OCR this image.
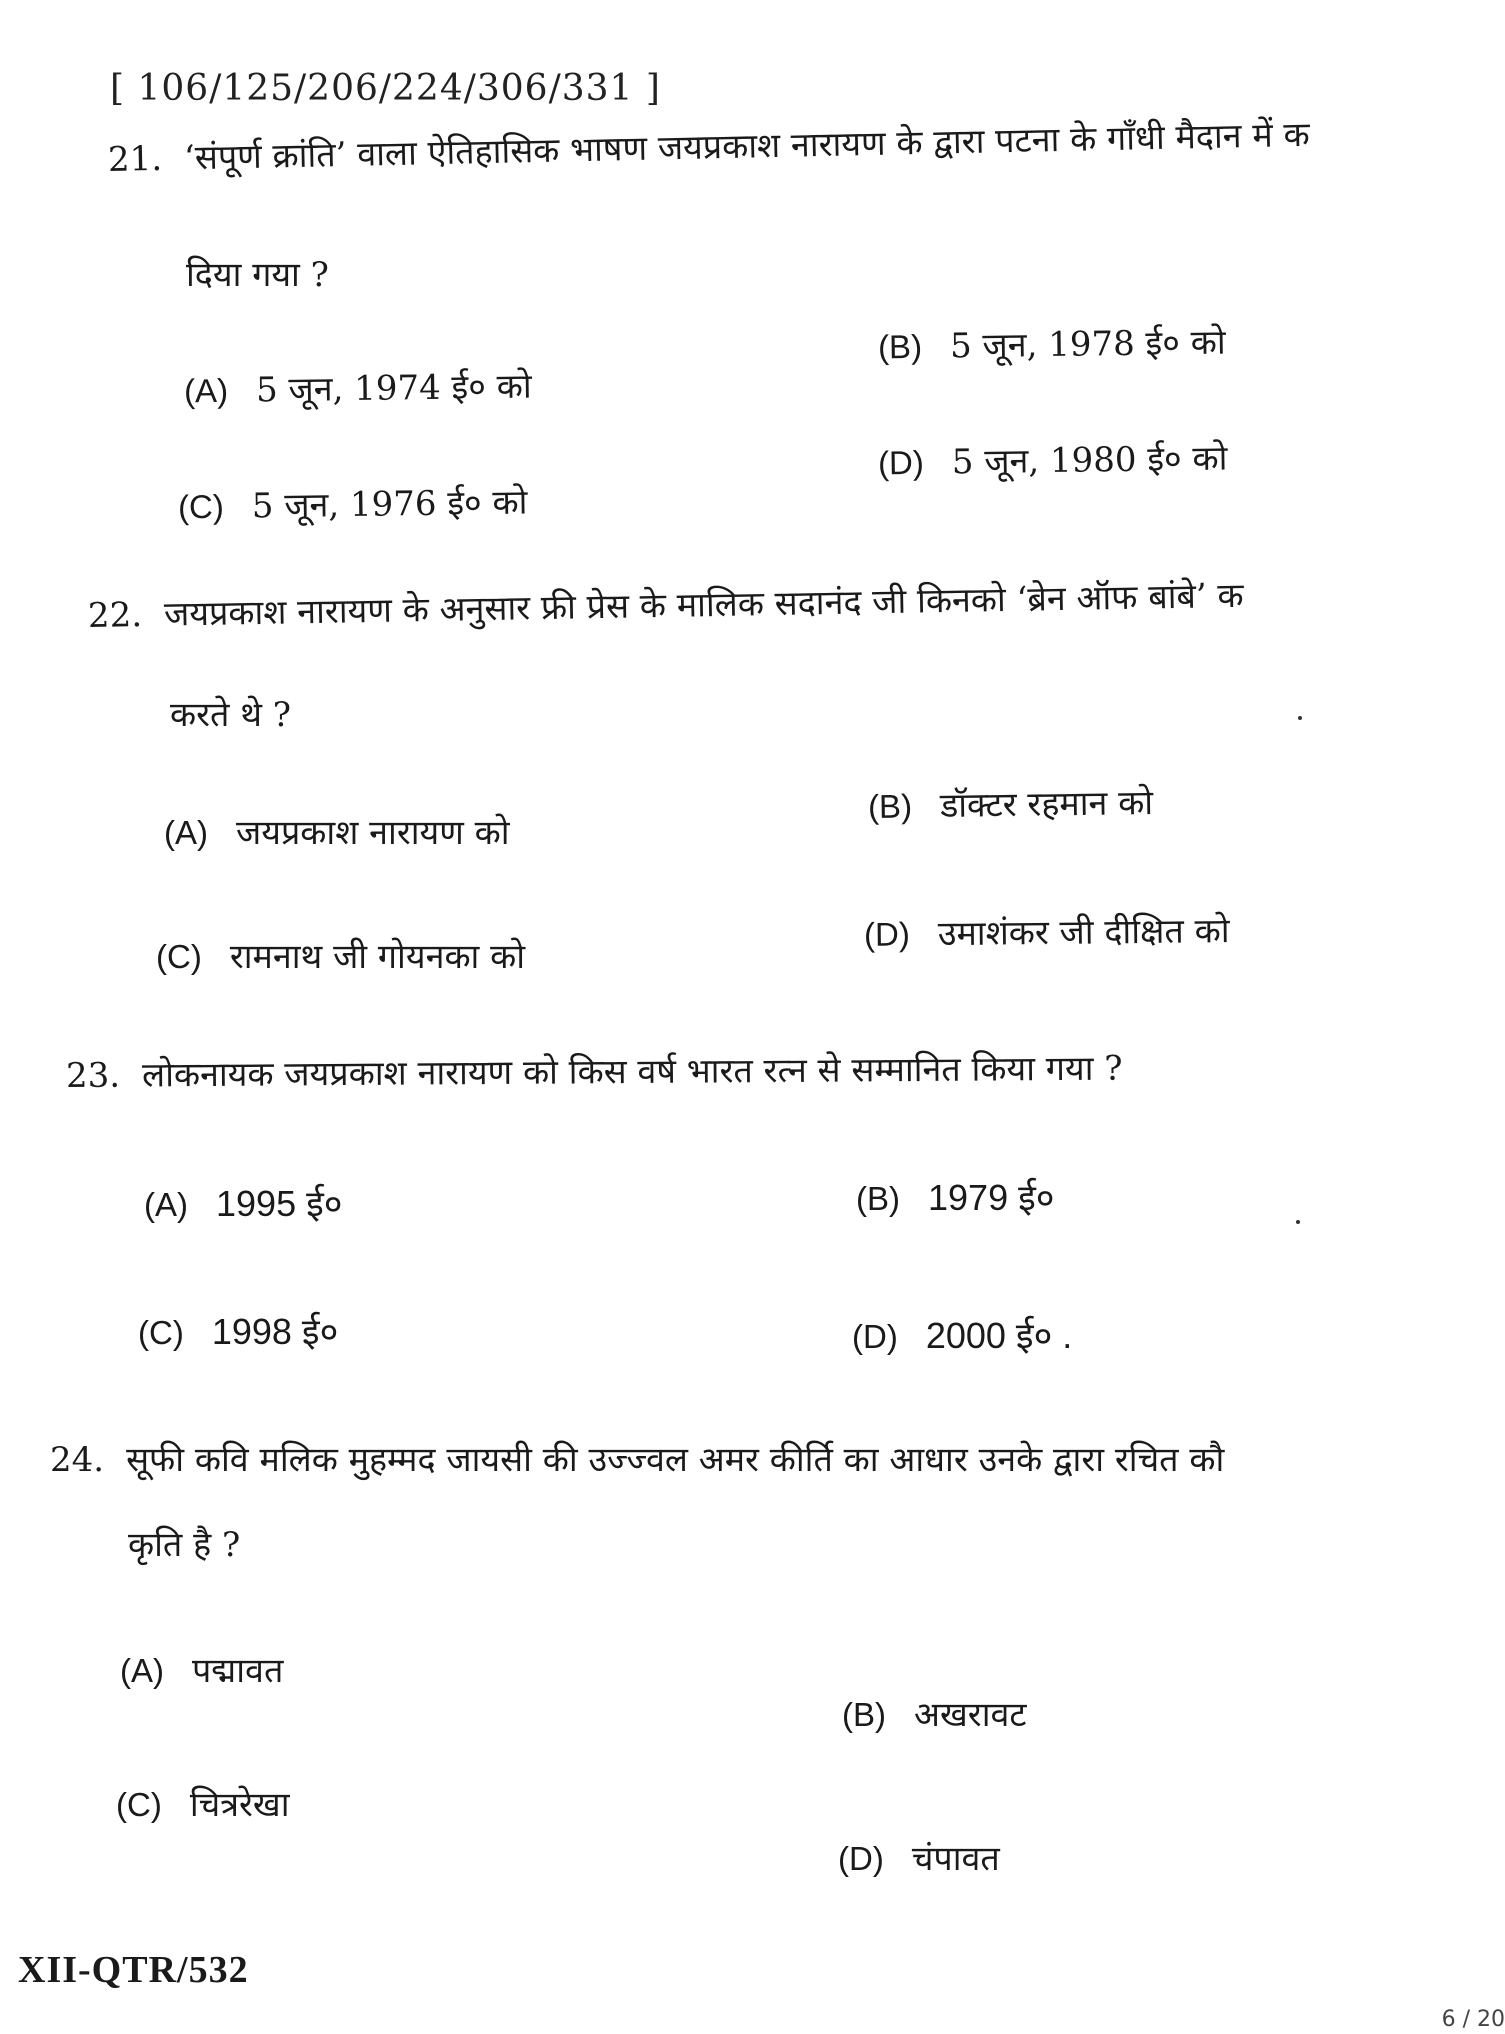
[ 106/125/206/224/306/331 ]
21. ‘संपूर्ण क्रांति’ वाला ऐतिहासिक भाषण जयप्रकाश नारायण के द्वारा पटना के गाँधी मैदान में क
दिया गया ?
(B) 5 जून, 1978 ई० को
(A) 5 जून, 1974 ई० को
(D) 5 जून, 1980 ई० को
(C) 5 जून, 1976 ई० को
22. जयप्रकाश नारायण के अनुसार फ्री प्रेस के मालिक सदानंद जी किनको ‘ब्रेन ऑफ बांबे’ क
करते थे ?
(B) डॉक्टर रहमान को
(A) जयप्रकाश नारायण को
(D) उमाशंकर जी दीक्षित को
(C) रामनाथ जी गोयनका को
23. लोकनायक जयप्रकाश नारायण को किस वर्ष भारत रत्न से सम्मानित किया गया ?
(A) 1995 ई०	(B) 1979 ई०
(C) 1998 ई०	(D) 2000 ई० .
24. सूफी कवि मलिक मुहम्मद जायसी की उज्ज्वल अमर कीर्ति का आधार उनके द्वारा रचित कौ
कृति है ?
(A) पद्मावत
(B) अखरावट
(C) चित्ररेखा
(D) चंपावत
XII-QTR/532
6 / 20
